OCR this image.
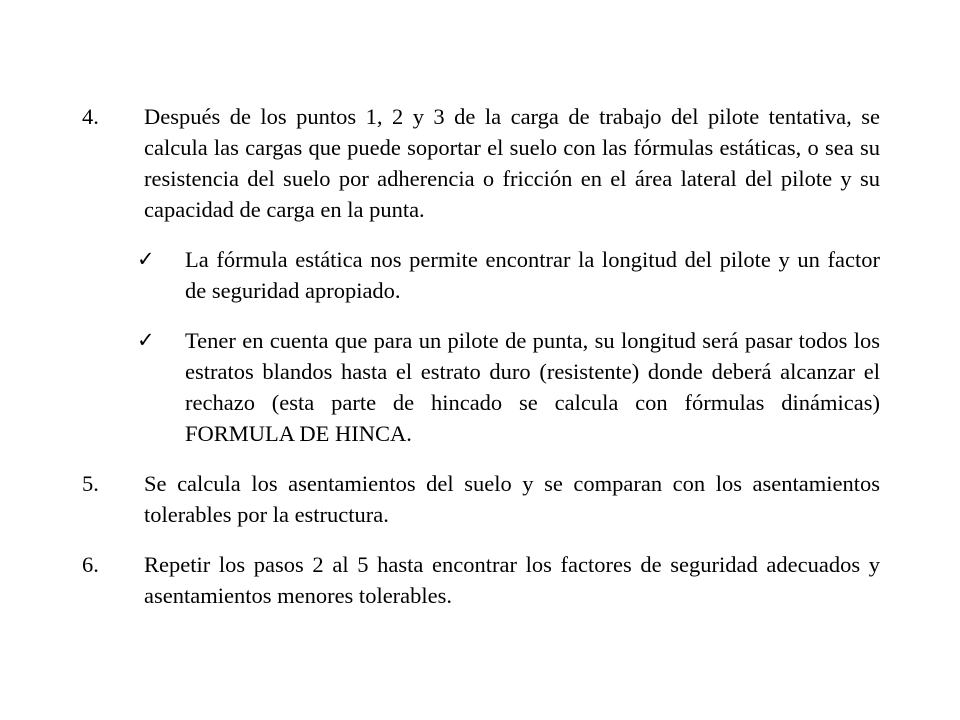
4. Después de los puntos 1, 2 y 3 de la carga de trabajo del pilote tentativa, se calcula las cargas que puede soportar el suelo con las fórmulas estáticas, o sea su resistencia del suelo por adherencia o fricción en el área lateral del pilote y su capacidad de carga en la punta.
✓ La fórmula estática nos permite encontrar la longitud del pilote y un factor de seguridad apropiado.
✓ Tener en cuenta que para un pilote de punta, su longitud será pasar todos los estratos blandos hasta el estrato duro (resistente) donde deberá alcanzar el rechazo (esta parte de hincado se calcula con fórmulas dinámicas) FORMULA DE HINCA.
5. Se calcula los asentamientos del suelo y se comparan con los asentamientos tolerables por la estructura.
6. Repetir los pasos 2 al 5 hasta encontrar los factores de seguridad adecuados y asentamientos menores tolerables.
